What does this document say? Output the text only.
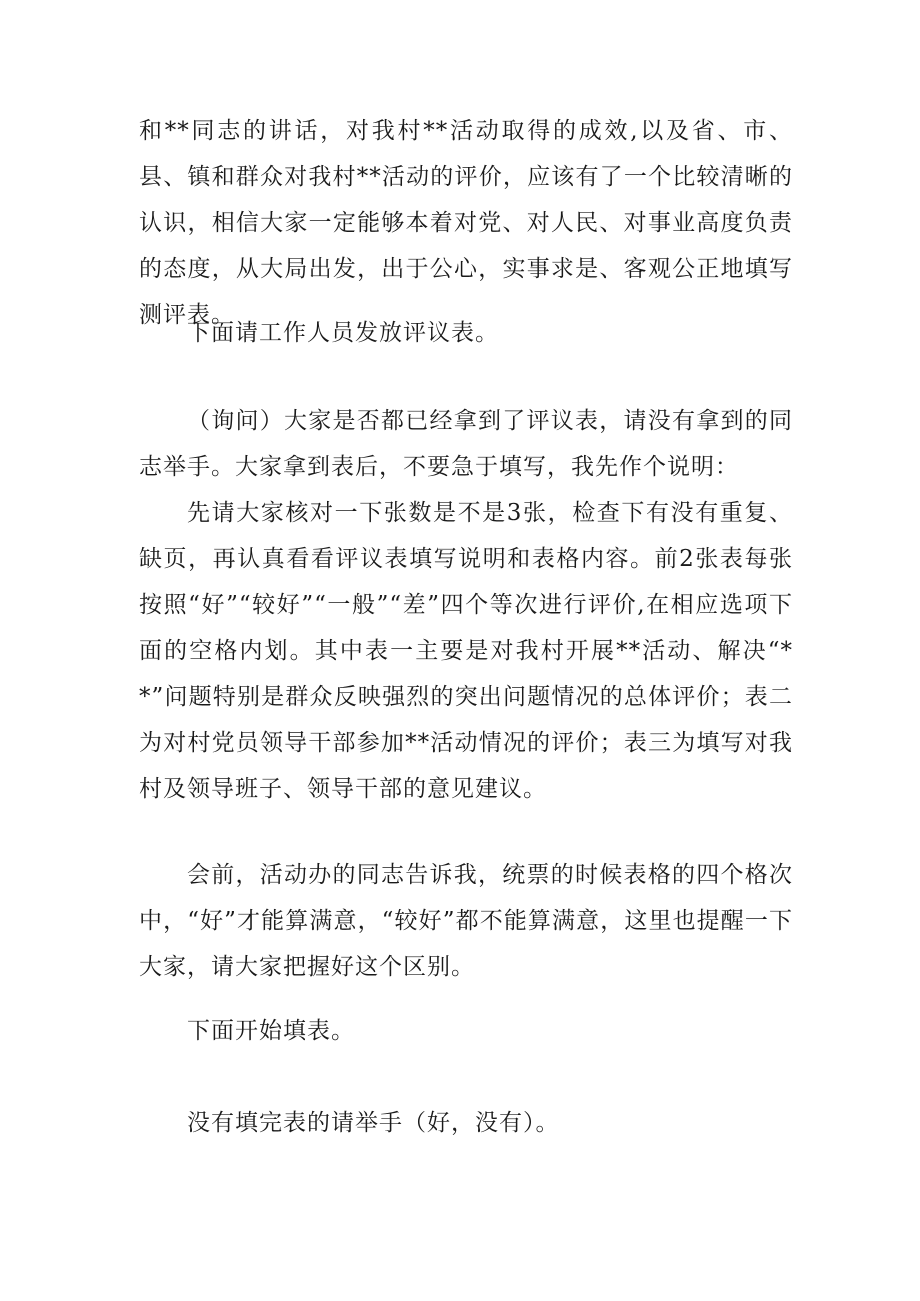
和**同志的讲话，对我村**活动取得的成效,以及省、市、县、镇和群众对我村**活动的评价，应该有了一个比较清晰的认识，相信大家一定能够本着对党、对人民、对事业高度负责的态度，从大局出发，出于公心，实事求是、客观公正地填写测评表。

下面请工作人员发放评议表。

（询问）大家是否都已经拿到了评议表，请没有拿到的同志举手。大家拿到表后，不要急于填写，我先作个说明：

先请大家核对一下张数是不是3张，检查下有没有重复、缺页，再认真看看评议表填写说明和表格内容。前2张表每张按照“好”“较好”“一般”“差”四个等次进行评价,在相应选项下面的空格内划。其中表一主要是对我村开展**活动、解决“**”问题特别是群众反映强烈的突出问题情况的总体评价；表二为对村党员领导干部参加**活动情况的评价；表三为填写对我村及领导班子、领导干部的意见建议。

会前，活动办的同志告诉我，统票的时候表格的四个格次中，“好”才能算满意，“较好”都不能算满意，这里也提醒一下大家，请大家把握好这个区别。

下面开始填表。

没有填完表的请举手（好，没有）。
